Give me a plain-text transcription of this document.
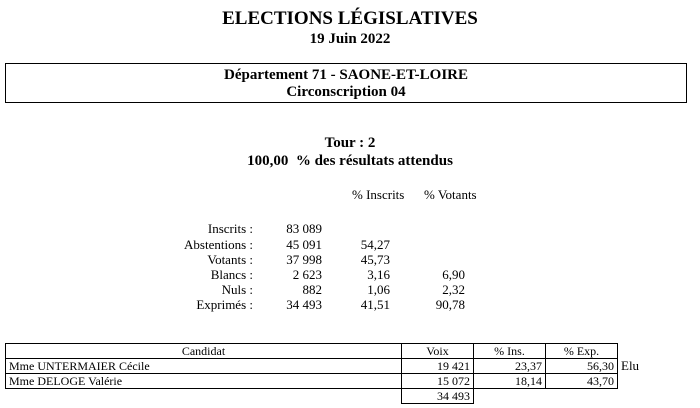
ELECTIONS LÉGISLATIVES
19 Juin 2022
Département 71 - SAONE-ET-LOIRE
Circonscription 04
Tour : 2
100,00  % des résultats attendus
% Inscrits % Votants
Inscrits :	83 089
Abstentions :	45 091	54,27
Votants :	37 998	45,73
Blancs :	2 623	3,16	6,90
Nuls :	882	1,06	2,32
Exprimés :	34 493	41,51	90,78
Candidat	Voix	% Ins.	% Exp.	
Mme UNTERMAIER Cécile	19 421	23,37	56,30	Elu
Mme DELOGE Valérie	15 072	18,14	43,70	
	34 493			
